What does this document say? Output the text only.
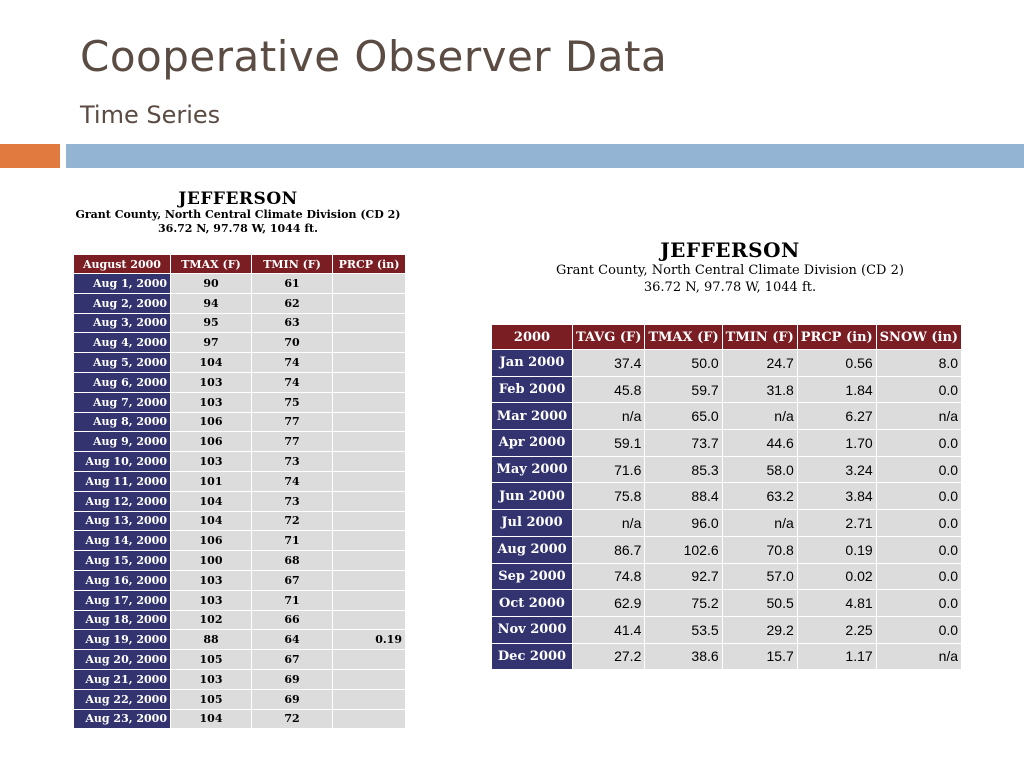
Cooperative Observer Data
Time Series
JEFFERSON
Grant County, North Central Climate Division (CD 2)
36.72 N, 97.78 W, 1044 ft.
August 2000	TMAX (F)	TMIN (F)	PRCP (in)
Aug 1, 2000	90	61	
Aug 2, 2000	94	62	
Aug 3, 2000	95	63	
Aug 4, 2000	97	70	
Aug 5, 2000	104	74	
Aug 6, 2000	103	74	
Aug 7, 2000	103	75	
Aug 8, 2000	106	77	
Aug 9, 2000	106	77	
Aug 10, 2000	103	73	
Aug 11, 2000	101	74	
Aug 12, 2000	104	73	
Aug 13, 2000	104	72	
Aug 14, 2000	106	71	
Aug 15, 2000	100	68	
Aug 16, 2000	103	67	
Aug 17, 2000	103	71	
Aug 18, 2000	102	66	
Aug 19, 2000	88	64	0.19
Aug 20, 2000	105	67	
Aug 21, 2000	103	69	
Aug 22, 2000	105	69	
Aug 23, 2000	104	72	
JEFFERSON
Grant County, North Central Climate Division (CD 2)
36.72 N, 97.78 W, 1044 ft.
2000	TAVG (F)	TMAX (F)	TMIN (F)	PRCP (in)	SNOW (in)
Jan 2000	37.4	50.0	24.7	0.56	8.0
Feb 2000	45.8	59.7	31.8	1.84	0.0
Mar 2000	n/a	65.0	n/a	6.27	n/a
Apr 2000	59.1	73.7	44.6	1.70	0.0
May 2000	71.6	85.3	58.0	3.24	0.0
Jun 2000	75.8	88.4	63.2	3.84	0.0
Jul 2000	n/a	96.0	n/a	2.71	0.0
Aug 2000	86.7	102.6	70.8	0.19	0.0
Sep 2000	74.8	92.7	57.0	0.02	0.0
Oct 2000	62.9	75.2	50.5	4.81	0.0
Nov 2000	41.4	53.5	29.2	2.25	0.0
Dec 2000	27.2	38.6	15.7	1.17	n/a
